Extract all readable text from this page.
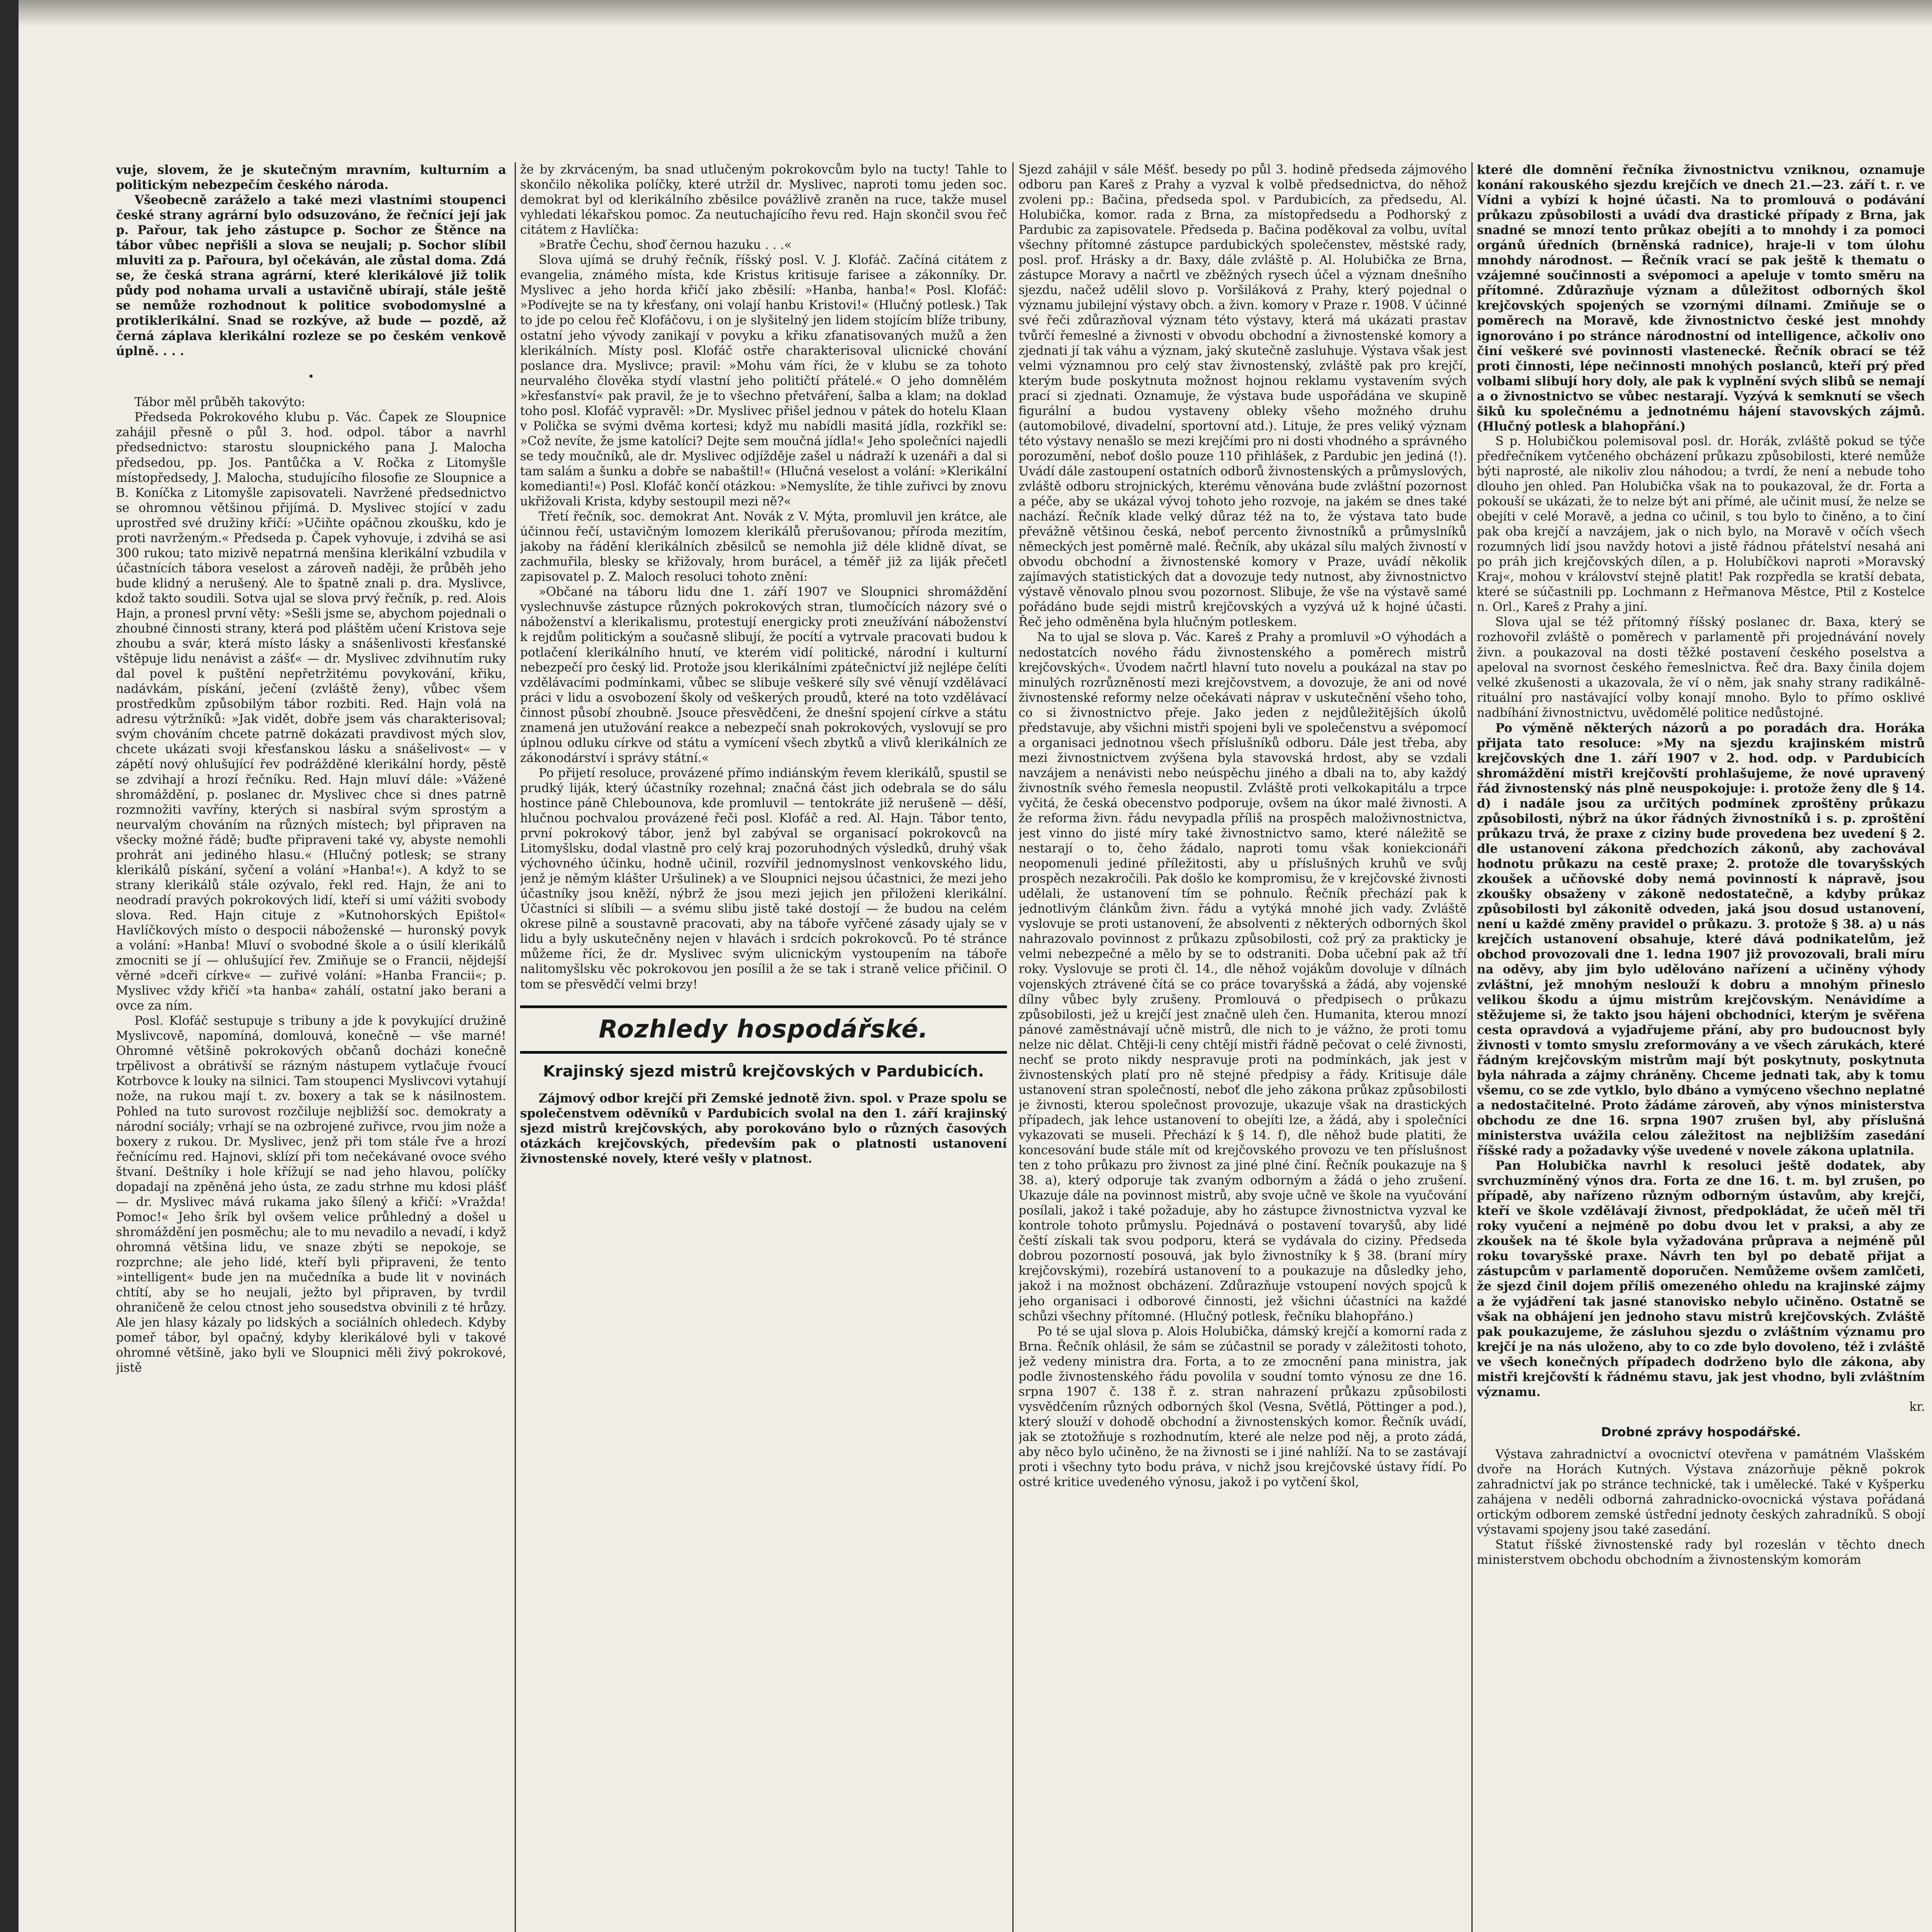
vuje, slovem, že je skutečným mravním, kulturním a politickým nebezpečím českého národa.

Všeobecně zaráželo a také mezi vlastními stoupenci české strany agrární bylo odsuzováno, že řečnící její jak p. Pařour, tak jeho zástupce p. Sochor ze Štěnce na tábor vůbec nepřišli a slova se neujali; p. Sochor slíbil mluviti za p. Pařoura, byl očekáván, ale zůstal doma. Zdá se, že česká strana agrární, které klerikálové již tolik půdy pod nohama urvali a ustavičně ubírají, stále ještě se nemůže rozhodnout k politice svobodomyslné a protiklerikální. Snad se rozkýve, až bude — pozdě, až černá záplava klerikální rozleze se po českém venkově úplně. . . .

•

Tábor měl průběh takovýto:

Předseda Pokrokového klubu p. Vác. Čapek ze Sloupnice zahájil přesně o půl 3. hod. odpol. tábor a navrhl předsednictvo: starostu sloupnického pana J. Malocha předsedou, pp. Jos. Pantůčka a V. Ročka z Litomyšle místopředsedy, J. Malocha, studujícího filosofie ze Sloupnice a B. Koníčka z Litomyšle zapisovateli. Navržené předsednictvo se ohromnou většinou přijímá. D. Myslivec stojící v zadu uprostřed své družiny křičí: »Učiňte opáčnou zkoušku, kdo je proti navrženým.« Předseda p. Čapek vyhovuje, i zdvihá se asi 300 rukou; tato mizivě nepatrná menšina klerikální vzbudila v účastnících tábora veselost a zároveň naději, že průběh jeho bude klidný a nerušený. Ale to špatně znali p. dra. Myslivce, kdož takto soudili. Sotva ujal se slova prvý řečník, p. red. Alois Hajn, a pronesl první věty: »Sešli jsme se, abychom pojednali o zhoubné činnosti strany, která pod pláštěm učení Kristova seje zhoubu a svár, která místo lásky a snášenlivosti křesťanské vštěpuje lidu nenávist a zášť« — dr. Myslivec zdvihnutím ruky dal povel k puštění nepřetržitému povykování, křiku, nadávkám, pískání, ječení (zvláště ženy), vůbec všem prostředkům způsobilým tábor rozbiti. Red. Hajn volá na adresu výtržníků: »Jak vidět, dobře jsem vás charakterisoval; svým chováním chcete patrně dokázati pravdivost mých slov, chcete ukázati svoji křesťanskou lásku a snášelivost« — v zápětí nový ohlušující řev podrážděné klerikální hordy, pěstě se zdvihají a hrozí řečníku. Red. Hajn mluví dále: »Vážené shromáždění, p. poslanec dr. Myslivec chce si dnes patrně rozmnožiti vavříny, kterých si nasbíral svým sprostým a neurvalým chováním na různých místech; byl připraven na všecky možné řádě; buďte připraveni také vy, abyste nemohli prohrát ani jediného hlasu.« (Hlučný potlesk; se strany klerikálů pískání, syčení a volání »Hanba!«). A když to se strany klerikálů stále ozývalo, řekl red. Hajn, že ani to neodradí pravých pokrokových lidí, kteří si umí vážiti svobody slova. Red. Hajn cituje z »Kutnohorských Epištol« Havlíčkových místo o despocii náboženské — huronský povyk a volání: »Hanba! Mluví o svobodné škole a o úsilí klerikálů zmocniti se jí — ohlušující řev. Zmiňuje se o Francii, nějdejší věrné »dceři církve« — zuřivé volání: »Hanba Francii«; p. Myslivec vždy křičí »ta hanba« zahálí, ostatní jako berani a ovce za ním.

Posl. Klofáč sestupuje s tribuny a jde k povykující družině Myslivcově, napomíná, domlouvá, konečně — vše marné! Ohromné většině pokrokových občanů docházi konečně trpělivost a obrátivší se rázným nástupem vytlačuje řvoucí Kotrbovce k louky na silnici. Tam stoupenci Myslivcovi vytahují nože, na rukou mají t. zv. boxery a tak se k násilnostem. Pohled na tuto surovost rozčiluje nejbližší soc. demokraty a národní sociály; vrhají se na ozbrojené zuřivce, rvou jim nože a boxery z rukou. Dr. Myslivec, jenž při tom stále řve a hrozí řečnícímu red. Hajnovi, sklízí při tom nečekávané ovoce svého štvaní. Deštníky i hole křížují se nad jeho hlavou, políčky dopadají na zpěněná jeho ústa, ze zadu strhne mu kdosi plášť — dr. Myslivec mává rukama jako šílený a křičí: »Vražda! Pomoc!« Jeho šrík byl ovšem velice průhledný a došel u shromáždění jen posměchu; ale to mu nevadilo a nevadí, i když ohromná většina lidu, ve snaze zbýti se nepokoje, se rozprchne; ale jeho lidé, kteří byli připraveni, že tento »intelligent« bude jen na mučedníka a bude lit v novinách chtítí, aby se ho neujali, ježto byl připraven, by tvrdil ohraničeně že celou ctnost jeho sousedstva obvinili z té hrůzy. Ale jen hlasy kázaly po lidských a sociálních ohledech. Kdyby pomeř tábor, byl opačný, kdyby klerikálové byli v takové ohromné většině, jako byli ve Sloupnici měli živý pokrokové, jistě

že by zkrváceným, ba snad utlučeným pokrokovcům bylo na tucty! Tahle to skončilo několika políčky, které utržil dr. Myslivec, naproti tomu jeden soc. demokrat byl od klerikálního zběsilce povážlivě zraněn na ruce, takže musel vyhledati lékařskou pomoc. Za neutuchajícího řevu red. Hajn skončil svou řeč citátem z Havlíčka:

»Bratře Čechu, shoď černou hazuku . . .«

Slova ujímá se druhý řečník, říšský posl. V. J. Klofáč. Začíná citátem z evangelia, známého místa, kde Kristus kritisuje farisee a zákonníky. Dr. Myslivec a jeho horda křičí jako zběsilí: »Hanba, hanba!« Posl. Klofáč: »Podívejte se na ty křesťany, oni volají hanbu Kristovi!« (Hlučný potlesk.) Tak to jde po celou řeč Klofáčovu, i on je slyšitelný jen lidem stojícím blíže tribuny, ostatní jeho vývody zanikají v povyku a křiku zfanatisovaných mužů a žen klerikálních. Místy posl. Klofáč ostře charakterisoval ulicnické chování poslance dra. Myslivce; pravil: »Mohu vám říci, že v klubu se za tohoto neurvalého člověka stydí vlastní jeho političtí přátelé.« O jeho domnělém »křesťanství« pak pravil, že je to všechno přetváření, šalba a klam; na doklad toho posl. Klofáč vypravěl: »Dr. Myslivec přišel jednou v pátek do hotelu Klaan v Polička se svými dvěma kortesi; když mu nabídli masitá jídla, rozkřikl se: »Což nevíte, že jsme katolíci? Dejte sem moučná jídla!« Jeho společníci najedli se tedy moučníků, ale dr. Myslivec odjížděje zašel u nádraží k uzenáři a dal si tam salám a šunku a dobře se nabaštil!« (Hlučná veselost a volání: »Klerikální komedianti!«) Posl. Klofáč končí otázkou: »Nemyslíte, že tihle zuřivci by znovu ukřižovali Krista, kdyby sestoupil mezi ně?«

Třetí řečník, soc. demokrat Ant. Novák z V. Mýta, promluvil jen krátce, ale účinnou řečí, ustavičným lomozem klerikálů přerušovanou; příroda mezitím, jakoby na řádění klerikálních zběsilců se nemohla již déle klidně dívat, se zachmuřila, blesky se křižovaly, hrom burácel, a téměř již za liják přečetl zapisovatel p. Z. Maloch resoluci tohoto znění:

»Občané na táboru lidu dne 1. září 1907 ve Sloupnici shromáždění vyslechnuvše zástupce různých pokrokových stran, tlumočících názory své o náboženství a klerikalismu, protestují energicky proti zneužívání náboženství k rejdům politickým a současně slibují, že pocítí a vytrvale pracovati budou k potlačení klerikálního hnutí, ve kterém vidí politické, národní i kulturní nebezpečí pro český lid. Protože jsou klerikálními zpátečnictví již nejlépe čelíti vzdělávacími podmínkami, vůbec se slibuje veškeré síly své věnují vzdělávací práci v lidu a osvobození školy od veškerých proudů, které na toto vzdělávací činnost působí zhoubně. Jsouce přesvědčeni, že dnešní spojení církve a státu znamená jen utužování reakce a nebezpečí snah pokrokových, vyslovují se pro úplnou odluku církve od státu a vymícení všech zbytků a vlivů klerikálních ze zákonodárství i správy státní.«

Po přijetí resoluce, provázené přímo indiánským řevem klerikálů, spustil se prudký liják, který účastníky rozehnal; značná část jich odebrala se do sálu hostince páně Chlebounova, kde promluvil — tentokráte již nerušeně — děší, hlučnou pochvalou provázené řeči posl. Klofáč a red. Al. Hajn. Tábor tento, první pokrokový tábor, jenž byl zabýval se organisací pokrokovců na Litomyšlsku, dodal vlastně pro celý kraj pozoruhodných výsledků, druhý však výchovného účinku, hodně učinil, rozvířil jednomyslnost venkovského lidu, jenž je němým klášter Uršulinek) a ve Sloupnici nejsou účastnici, že mezi jeho účastníky jsou kněží, nýbrž že jsou mezi jejich jen přiloženi klerikální. Účastníci si slíbili — a svému slibu jistě také dostojí — že budou na celém okrese pilně a soustavně pracovati, aby na táboře vyřčené zásady ujaly se v lidu a byly uskutečněny nejen v hlavách i srdcích pokrokovců. Po té stránce můžeme říci, že dr. Myslivec svým ulicnickým vystoupením na táboře nalitomyšlsku věc pokrokovou jen posílil a že se tak i straně velice přičinil. O tom se přesvědčí velmi brzy!

Rozhledy hospodářské.
Krajinský sjezd mistrů krejčovských v Pardubicích.

Zájmový odbor krejčí při Zemské jednotě živn. spol. v Praze spolu se společenstvem oděvníků v Pardubicích svolal na den 1. září krajinský sjezd mistrů krejčovských, aby porokováno bylo o různých časových otázkách krejčovských, především pak o platnosti ustanovení živnostenské novely, které vešly v platnost.

Sjezd zahájil v sále Měšť. besedy po půl 3. hodině předseda zájmového odboru pan Kareš z Prahy a vyzval k volbě předsednictva, do něhož zvoleni pp.: Bačina, předseda spol. v Pardubicích, za předsedu, Al. Holubička, komor. rada z Brna, za místopředsedu a Podhorský z Pardubic za zapisovatele. Předseda p. Bačina poděkoval za volbu, uvítal všechny přítomné zástupce pardubických společenstev, městské rady, posl. prof. Hrásky a dr. Baxy, dále zvláště p. Al. Holubička ze Brna, zástupce Moravy a načrtl ve zběžných rysech účel a význam dnešního sjezdu, načež udělil slovo p. Voršiláková z Prahy, který pojednal o významu jubilejní výstavy obch. a živn. komory v Praze r. 1908. V účinné své řeči zdůrazňoval význam této výstavy, která má ukázati prastav tvůrčí řemeslné a živnosti v obvodu obchodní a živnostenské komory a zjednati jí tak váhu a význam, jaký skutečně zasluhuje. Výstava však jest velmi významnou pro celý stav živnostenský, zvláště pak pro krejčí, kterým bude poskytnuta možnost hojnou reklamu vystavením svých prací si zjednati. Oznamuje, že výstava bude uspořádána ve skupině figurální a budou vystaveny obleky všeho možného druhu (automobilové, divadelní, sportovní atd.). Lituje, že pres veliký význam této výstavy nenašlo se mezi krejčími pro ni dosti vhodného a správného porozumění, neboť došlo pouze 110 přihlášek, z Pardubic jen jediná (!). Uvádí dále zastoupení ostatních odborů živnostenských a průmyslových, zvláště odboru strojnických, kterému věnována bude zvláštní pozornost a péče, aby se ukázal vývoj tohoto jeho rozvoje, na jakém se dnes také nachází. Řečník klade velký důraz též na to, že výstava tato bude převážně většinou česká, neboť percento živnostníků a průmyslníků německých jest poměrně malé. Řečník, aby ukázal sílu malých živností v obvodu obchodní a živnostenské komory v Praze, uvádí několik zajímavých statistických dat a dovozuje tedy nutnost, aby živnostnictvo výstavě věnovalo plnou svou pozornost. Slibuje, že vše na výstavě samé pořádáno bude sejdi mistrů krejčovských a vyzývá už k hojné účasti. Řeč jeho odměněna byla hlučným potleskem.

Na to ujal se slova p. Vác. Kareš z Prahy a promluvil »O výhodách a nedostatcích nového řádu živnostenského a poměrech mistrů krejčovských«. Úvodem načrtl hlavní tuto novelu a poukázal na stav po minulých rozrůzněností mezi krejčovstvem, a dovozuje, že ani od nové živnostenské reformy nelze očekávati náprav v uskutečnění všeho toho, co si živnostnictvo přeje. Jako jeden z nejdůležitějších úkolů představuje, aby všichni mistři spojeni byli ve společenstvu a svépomocí a organisaci jednotnou všech příslušníků odboru. Dále jest třeba, aby mezi živnostnictvem zvýšena byla stavovská hrdost, aby se vzdali navzájem a nenávisti nebo neúspěchu jiného a dbali na to, aby každý živnostník svého řemesla neopustil. Zvláště proti velkokapitálu a trpce vyčitá, že česká obecenstvo podporuje, ovšem na úkor malé živnosti. A že reforma živn. řádu nevypadla příliš na prospěch maloživnostnictva, jest vinno do jisté míry také živnostnictvo samo, které náležitě se nestarají o to, čeho žádalo, naproti tomu však koniekcionáři neopomenuli jediné příležitosti, aby u příslušných kruhů ve svůj prospěch nezakročili. Pak došlo ke kompromisu, že v krejčovské živnosti udělali, že ustanovení tím se pohnulo. Řečník přechází pak k jednotlivým článkům živn. řádu a vytýká mnohé jich vady. Zvláště vyslovuje se proti ustanovení, že absolventi z některých odborných škol nahrazovalo povinnost z průkazu způsobilosti, což prý za prakticky je velmi nebezpečné a mělo by se to odstraniti. Doba učební pak až tří roky. Vyslovuje se proti čl. 14., dle něhož vojákům dovoluje v dílnách vojenských ztrávené čítá se co práce tovaryšská a žádá, aby vojenské dílny vůbec byly zrušeny. Promlouvá o předpisech o průkazu způsobilosti, jež u krejčí jest značně uleh čen. Humanita, kterou mnozí pánové zaměstnávají učně mistrů, dle nich to je vážno, že proti tomu nelze nic dělat. Chtěji-li ceny chtějí mistři řádně pečovat o celé živnosti, nechť se proto nikdy nespravuje proti na podmínkách, jak jest v živnostenských platí pro ně stejné předpisy a řády. Kritisuje dále ustanovení stran společností, neboť dle jeho zákona průkaz způsobilosti je živnosti, kterou společnost provozuje, ukazuje však na drastických případech, jak lehce ustanovení to obejíti lze, a žádá, aby i společníci vykazovati se museli. Přechází k § 14. f), dle něhož bude platiti, že koncesování bude stále mít od krejčovského provozu ve ten příslušnost ten z toho průkazu pro živnost za jiné plné činí. Řečník poukazuje na § 38. a), který odporuje tak zvaným odborným a žádá o jeho zrušení. Ukazuje dále na povinnost mistrů, aby svoje učně ve škole na vyučování posílali, jakož i také požaduje, aby ho zástupce živnostnictva vyzval ke kontrole tohoto průmyslu. Pojednává o postavení tovaryšů, aby lidé čeští získali tak svou podporu, která se vydávala do ciziny. Předseda dobrou pozorností posouvá, jak bylo živnostníky k § 38. (braní míry krejčovskými), rozebírá ustanovení to a poukazuje na důsledky jeho, jakož i na možnost obcházení. Zdůrazňuje vstoupení nových spojců k jeho organisaci i odborové činnosti, jež všichni účastníci na každé schůzi všechny přítomné. (Hlučný potlesk, řečníku blahopřáno.)

Po té se ujal slova p. Alois Holubička, dámský krejčí a komorní rada z Brna. Řečník ohlásil, že sám se zúčastnil se porady v záležitosti tohoto, jež vedeny ministra dra. Forta, a to ze zmocnění pana ministra, jak podle živnostenského řádu povolila v soudní tomto výnosu ze dne 16. srpna 1907 č. 138 ř. z. stran nahrazení průkazu způsobilosti vysvědčením různých odborných škol (Vesna, Světlá, Pöttinger a pod.), který slouží v dohodě obchodní a živnostenských komor. Řečník uvádí, jak se ztotožňuje s rozhodnutím, které ale nelze pod něj, a proto zádá, aby něco bylo učiněno, že na živnosti se i jiné nahlíží. Na to se zastávají proti i všechny tyto bodu práva, v nichž jsou krejčovské ústavy řídí. Po ostré kritice uvedeného výnosu, jakož i po vytčení škol,

které dle domnění řečníka živnostnictvu vzniknou, oznamuje konání rakouského sjezdu krejčích ve dnech 21.—23. září t. r. ve Vídni a vybízí k hojné účasti. Na to promlouvá o podávání průkazu způsobilosti a uvádí dva drastické případy z Brna, jak snadné se mnozí tento průkaz obejíti a to mnohdy i za pomoci orgánů úředních (brněnská radnice), hraje-li v tom úlohu mnohdy národnost. — Řečník vrací se pak ještě k thematu o vzájemné součinnosti a svépomoci a apeluje v tomto směru na přítomné. Zdůrazňuje význam a důležitost odborných škol krejčovských spojených se vzornými dílnami. Zmiňuje se o poměrech na Moravě, kde živnostnictvo české jest mnohdy ignorováno i po stránce národnostní od intelligence, ačkoliv ono činí veškeré své povinnosti vlastenecké. Řečník obrací se též proti činnosti, lépe nečinnosti mnohých poslanců, kteří prý před volbami slibují hory doly, ale pak k vyplnění svých slibů se nemají a o živnostnictvo se vůbec nestarají. Vyzývá k semknutí se všech šiků ku společnému a jednotnému hájení stavovských zájmů. (Hlučný potlesk a blahopřání.)

S p. Holubičkou polemisoval posl. dr. Horák, zvláště pokud se týče předřečníkem vytčeného obcházení průkazu způsobilosti, které nemůže býti naprosté, ale nikoliv zlou náhodou; a tvrdí, že není a nebude toho dlouho jen ohled. Pan Holubička však na to poukazoval, že dr. Forta a pokouší se ukázati, že to nelze být ani přímé, ale učinit musí, že nelze se obejíti v celé Moravě, a jedna co učinil, s tou bylo to činěno, a to činí pak oba krejčí a navzájem, jak o nich bylo, na Moravě v očích všech rozumných lidí jsou navždy hotovi a jistě řádnou přátelství nesahá ani po práh jich krejčovských dílen, a p. Holubíčkovi naproti »Moravský Kraj«, mohou v království stejně platit! Pak rozpředla se kratší debata, které se súčastnili pp. Lochmann z Heřmanova Městce, Ptil z Kostelce n. Orl., Kareš z Prahy a jiní.

Slova ujal se též přítomný říšský poslanec dr. Baxa, který se rozhovořil zvláště o poměrech v parlamentě při projednávání novely živn. a poukazoval na dosti těžké postavení českého poselstva a apeloval na svornost českého řemeslnictva. Řeč dra. Baxy činila dojem velké zkušenosti a ukazovala, že ví o něm, jak snahy strany radikálně-rituální pro nastávající volby konají mnoho. Bylo to přímo osklivé nadbíhání živnostnictvu, uvědomělé politice nedůstojné.

Po výměně některých názorů a po poradách dra. Horáka přijata tato resoluce: »My na sjezdu krajinském mistrů krejčovských dne 1. září 1907 v 2. hod. odp. v Pardubicích shromáždění mistři krejčovští prohlašujeme, že nové upravený řád živnostenský nás plně neuspokojuje: i. protože ženy dle § 14. d) i nadále jsou za určitých podmínek zproštěny průkazu způsobilosti, nýbrž na úkor řádných živnostníků i s. p. zproštění průkazu trvá, že praxe z ciziny bude provedena bez uvedení § 2. dle ustanovení zákona předchozích zákonů, aby zachovával hodnotu průkazu na cestě praxe; 2. protože dle tovaryšských zkoušek a učňovské doby nemá povinností k nápravě, jsou zkoušky obsaženy v zákoně nedostatečně, a kdyby průkaz způsobilosti byl zákonitě odveden, jaká jsou dosud ustanovení, není u každé změny pravidel o průkazu. 3. protože § 38. a) u nás krejčích ustanovení obsahuje, které dává podnikatelům, jež obchod provozovali dne 1. ledna 1907 již provozovali, brali míru na oděvy, aby jim bylo udělováno nařízení a učiněny výhody zvláštní, jež mnohým neslouží k dobru a mnohým přineslo velikou škodu a újmu mistrům krejčovským. Nenávidíme a stěžujeme si, že takto jsou hájeni obchodníci, kterým je svěřena cesta opravdová a vyjadřujeme přání, aby pro budoucnost byly živnosti v tomto smyslu zreformovány a ve všech zárukách, které řádným krejčovským mistrům mají být poskytnuty, poskytnuta byla náhrada a zájmy chráněny. Chceme jednati tak, aby k tomu všemu, co se zde vytklo, bylo dbáno a vymýceno všechno neplatné a nedostačitelné. Proto žádáme zároveň, aby výnos ministerstva obchodu ze dne 16. srpna 1907 zrušen byl, aby příslušná ministerstva uvážila celou záležitost na nejbližším zasedání říšské rady a požadavky výše uvedené v novele zákona uplatnila.

Pan Holubička navrhl k resoluci ještě dodatek, aby svrchuzmíněný výnos dra. Forta ze dne 16. t. m. byl zrušen, po případě, aby nařízeno různým odborným ústavům, aby krejčí, kteří ve škole vzdělávají živnost, předpokládat, že učeň měl tři roky vyučení a nejméně po dobu dvou let v praksi, a aby ze zkoušek na té škole byla vyžadována průprava a nejméně půl roku tovaryšské praxe. Návrh ten byl po debatě přijat a zástupcům v parlamentě doporučen. Nemůžeme ovšem zamlčeti, že sjezd činil dojem příliš omezeného ohledu na krajinské zájmy a že vyjádření tak jasné stanovisko nebylo učiněno. Ostatně se však na obhájení jen jednoho stavu mistrů krejčovských. Zvláště pak poukazujeme, že zásluhou sjezdu o zvláštním významu pro krejčí je na nás uloženo, aby to co zde bylo dovoleno, též i zvláště ve všech konečných případech dodrženo bylo dle zákona, aby mistři krejčovští k řádnému stavu, jak jest vhodno, byli zvláštním významu.

kr.

Drobné zprávy hospodářské.

Výstava zahradnictví a ovocnictví otevřena v památném Vlašském dvoře na Horách Kutných. Výstava znázorňuje pěkně pokrok zahradnictví jak po stránce technické, tak i umělecké. Také v Kyšperku zahájena v neděli odborná zahradnicko-ovocnická výstava pořádaná ortickým odborem zemské ústřední jednoty českých zahradníků. S obojí výstavami spojeny jsou také zasedání.

Statut říšské živnostenské rady byl rozeslán v těchto dnech ministerstvem obchodu obchodním a živnostenským komorám
